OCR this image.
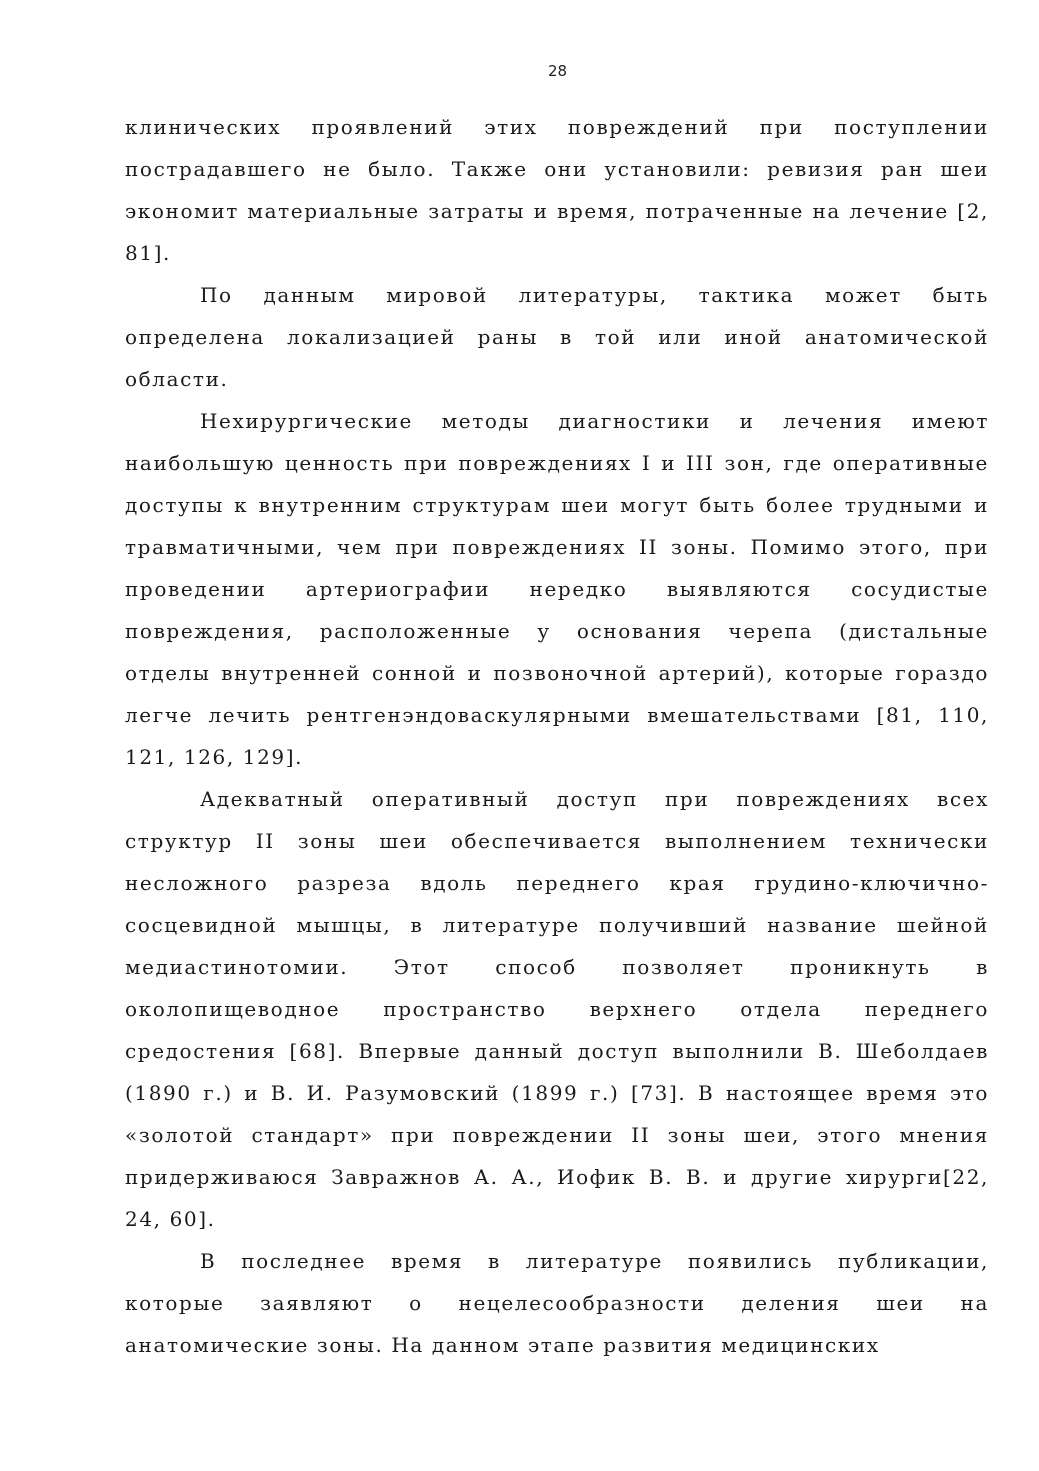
28

клинических проявлений этих повреждений при поступлении пострадавшего не было. Также они установили: ревизия ран шеи экономит материальные затраты и время, потраченные на лечение [2, 81].

По данным мировой литературы, тактика может быть определена локализацией раны в той или иной анатомической области.

Нехирургические методы диагностики и лечения имеют наибольшую ценность при повреждениях I и III зон, где оперативные доступы к внутренним структурам шеи могут быть более трудными и травматичными, чем при повреждениях II зоны. Помимо этого, при проведении артериографии нередко выявляются сосудистые повреждения, расположенные у основания черепа (дистальные отделы внутренней сонной и позвоночной артерий), которые гораздо легче лечить рентгенэндоваскулярными вмешательствами [81, 110, 121, 126, 129].

Адекватный оперативный доступ при повреждениях всех структур II зоны шеи обеспечивается выполнением технически несложного разреза вдоль переднего края грудино-ключично-сосцевидной мышцы, в литературе получивший название шейной медиастинотомии. Этот способ позволяет проникнуть в околопищеводное пространство верхнего отдела переднего средостения [68]. Впервые данный доступ выполнили В. Шеболдаев (1890 г.) и В. И. Разумовский (1899 г.) [73]. В настоящее время это «золотой стандарт» при повреждении II зоны шеи, этого мнения придерживаюся Завражнов А. А., Иофик В. В. и другие хирурги[22, 24, 60].

В последнее время в литературе появились публикации, которые заявляют о нецелесообразности деления шеи на анатомические зоны. На данном этапе развития медицинских
